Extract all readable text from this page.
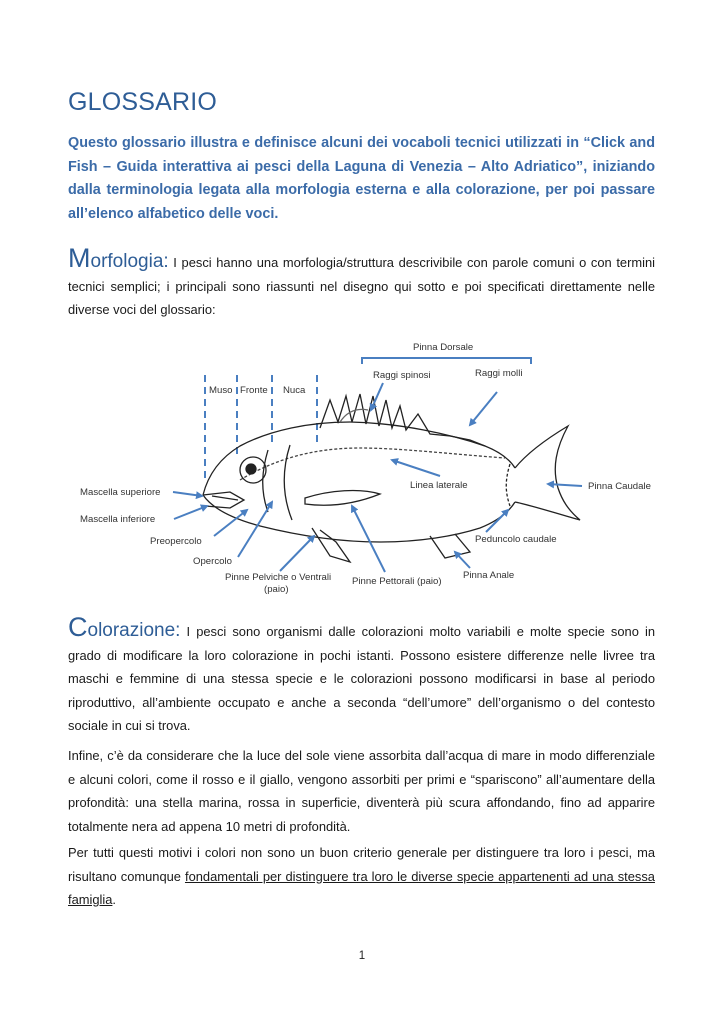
GLOSSARIO

Questo glossario illustra e definisce alcuni dei vocaboli tecnici utilizzati in “Click and Fish – Guida interattiva ai pesci della Laguna di Venezia – Alto Adriatico”, iniziando dalla terminologia legata alla morfologia esterna e alla colorazione, per poi passare all’elenco alfabetico delle voci.

Morfologia: I pesci hanno una morfologia/struttura descrivibile con parole comuni o con termini tecnici semplici; i principali sono riassunti nel disegno qui sotto e poi specificati direttamente nelle diverse voci del glossario:

Pinna Dorsale
Muso Fronte Nuca
Raggi spinosi	Raggi molli
Mascella superiore
Mascella inferiore
Preopercolo
Opercolo
Pinne Pelviche o Ventrali
(paio)
Pinne Pettorali (paio)
Pinna Anale
Peduncolo caudale
Linea laterale	Pinna Caudale

Colorazione: I pesci sono organismi dalle colorazioni molto variabili e molte specie sono in grado di modificare la loro colorazione in pochi istanti. Possono esistere differenze nelle livree tra maschi e femmine di una stessa specie e le colorazioni possono modificarsi in base al periodo riproduttivo, all’ambiente occupato e anche a seconda “dell’umore” dell’organismo o del contesto sociale in cui si trova.

Infine, c’è da considerare che la luce del sole viene assorbita dall’acqua di mare in modo differenziale e alcuni colori, come il rosso e il giallo, vengono assorbiti per primi e “spariscono” all’aumentare della profondità: una stella marina, rossa in superficie, diventerà più scura affondando, fino ad apparire totalmente nera ad appena 10 metri di profondità.

Per tutti questi motivi i colori non sono un buon criterio generale per distinguere tra loro i pesci, ma risultano comunque fondamentali per distinguere tra loro le diverse specie appartenenti ad una stessa famiglia.

1
